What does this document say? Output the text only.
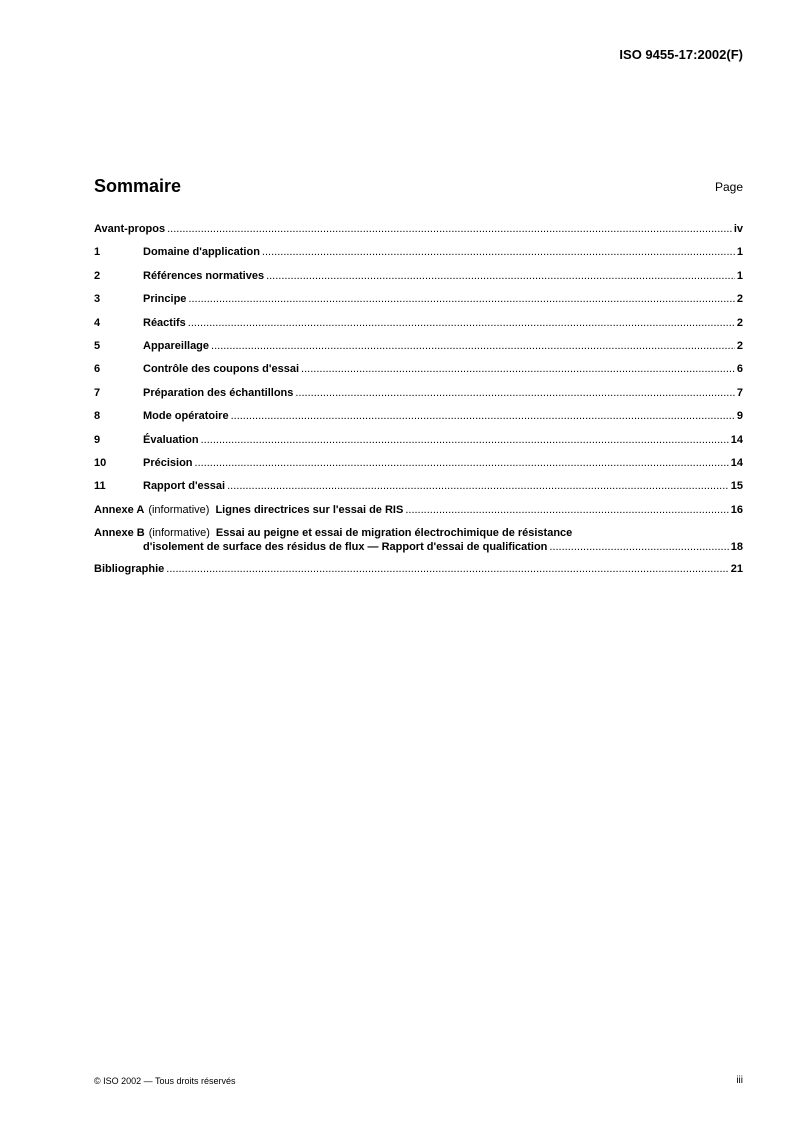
ISO 9455-17:2002(F)
Sommaire	Page
Avant-propos .....	iv
1	Domaine d'application .....	1
2	Références normatives .....	1
3	Principe .....	2
4	Réactifs .....	2
5	Appareillage .....	2
6	Contrôle des coupons d'essai .....	6
7	Préparation des échantillons .....	7
8	Mode opératoire .....	9
9	Évaluation .....	14
10	Précision .....	14
11	Rapport d'essai .....	15
Annexe A (informative) Lignes directrices sur l'essai de RIS .....	16
Annexe B (informative) Essai au peigne et essai de migration électrochimique de résistance
d'isolement de surface des résidus de flux — Rapport d'essai de qualification .....	18
Bibliographie .....	21
© ISO 2002 — Tous droits réservés	iii
